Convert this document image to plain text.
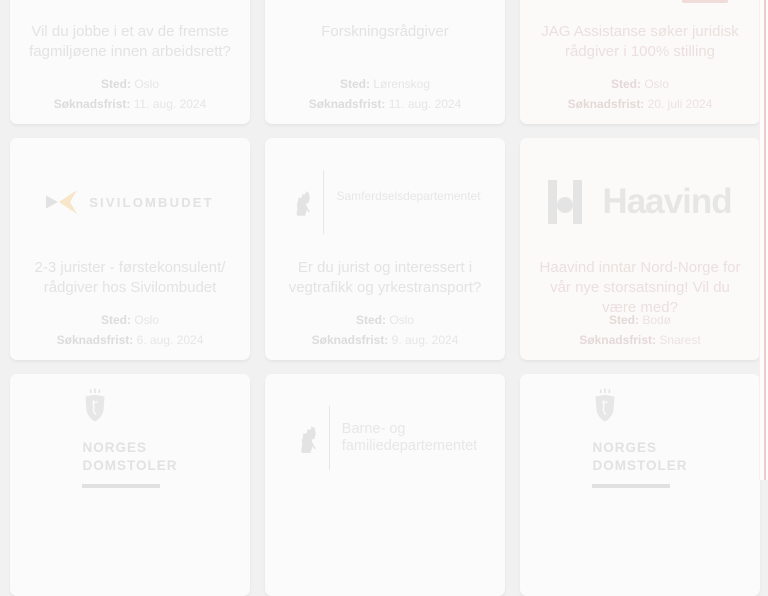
Vil du jobbe i et av de fremste fagmiljøene innen arbeidsrett?
Sted: Oslo
Søknadsfrist: 11. aug. 2024
Forskningsrådgiver
Sted: Lørenskog
Søknadsfrist: 11. aug. 2024
JAG Assistanse søker juridisk rådgiver i 100% stilling
Sted: Oslo
Søknadsfrist: 20. juli 2024
SIVILOMBUDET
2-3 jurister - førstekonsulent/ rådgiver hos Sivilombudet
Sted: Oslo
Søknadsfrist: 6. aug. 2024
Samferdselsdepartementet
Er du jurist og interessert i vegtrafikk og yrkestransport?
Sted: Oslo
Søknadsfrist: 9. aug. 2024
Haavind
Haavind inntar Nord-Norge for vår nye storsatsning! Vil du være med?
Sted: Bodø
Søknadsfrist: Snarest
NORGES
DOMSTOLER
Barne- og
familiedepartementet	NORGES
DOMSTOLER
